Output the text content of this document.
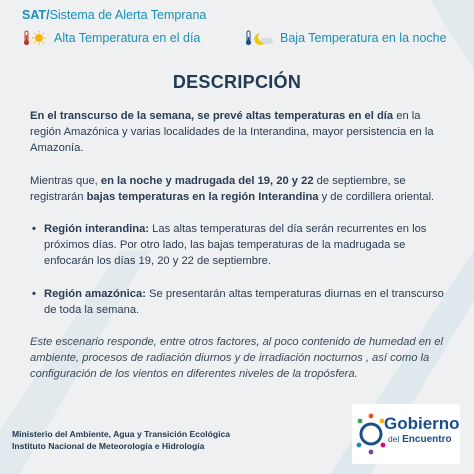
SAT/Sistema de Alerta Temprana
Alta Temperatura en el día	Baja Temperatura en la noche
DESCRIPCIÓN

En el transcurso de la semana, se prevé altas temperaturas en el día en la región Amazónica y varias localidades de la Interandina, mayor persistencia en la Amazonía.

Mientras que, en la noche y madrugada del 19, 20 y 22 de septiembre, se registrarán bajas temperaturas en la región Interandina y de cordillera oriental.

• Región interandina: Las altas temperaturas del día serán recurrentes en los próximos días. Por otro lado, las bajas temperaturas de la madrugada se enfocarán los días 19, 20 y 22 de septiembre.
• Región amazónica: Se presentarán altas temperaturas diurnas en el transcurso de toda la semana.

Este escenario responde, entre otros factores, al poco contenido de humedad en el ambiente, procesos de radiación diurnos y de irradiación nocturnos , así como la configuración de los vientos en diferentes niveles de la tropósfera.

Ministerio del Ambiente, Agua y Transición Ecológica
Instituto Nacional de Meteorología e Hidrología
Gobierno
del Encuentro
